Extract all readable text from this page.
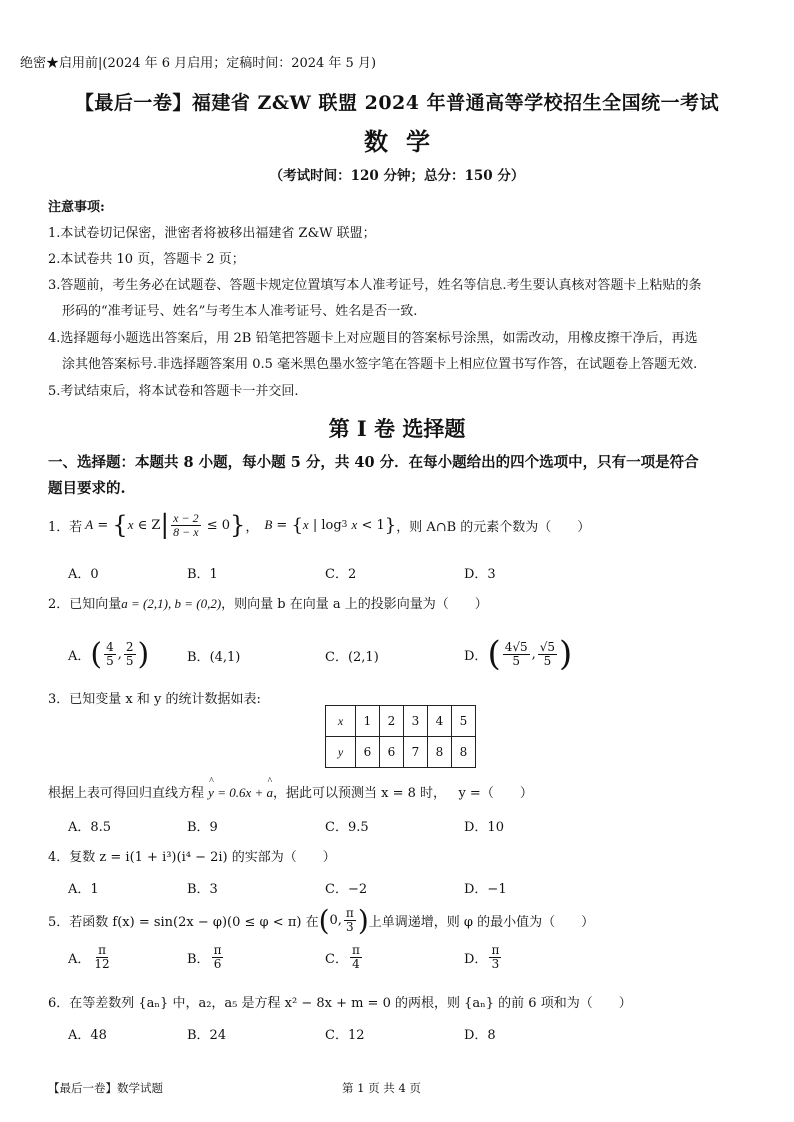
绝密★启用前|(2024 年 6 月启用；定稿时间：2024 年 5 月)
【最后一卷】福建省 Z&W 联盟 2024 年普通高等学校招生全国统一考试
数学
（考试时间：120 分钟；总分：150 分）
注意事项:
1.本试卷切记保密，泄密者将被移出福建省 Z&W 联盟；
2.本试卷共 10 页，答题卡 2 页；
3.答题前，考生务必在试题卷、答题卡规定位置填写本人准考证号，姓名等信息.考生要认真核对答题卡上粘贴的条
形码的“准考证号、姓名”与考生本人准考证号、姓名是否一致.
4.选择题每小题选出答案后，用 2B 铅笔把答题卡上对应题目的答案标号涂黑，如需改动，用橡皮擦干净后，再选
涂其他答案标号.非选择题答案用 0.5 毫米黑色墨水签字笔在答题卡上相应位置书写作答，在试题卷上答题无效.
5.考试结束后，将本试卷和答题卡一并交回.
第 I 卷 选择题
一、选择题：本题共 8 小题，每小题 5 分，共 40 分．在每小题给出的四个选项中，只有一项是符合
题目要求的.
1．若 A = { x ∈ Z | $\frac{x - 2}{8 - x} \le 0$ } ， B = { x | log 3
x < 1 } ，则 A∩B 的元素个数为（　　）
A．0	B．1	C．2	D．3
2．已知向量a = (2,1), b = (0,2)，则向量 b 在向量 a 上的投影向量为（　　）
A． ( $\frac{4}{5}$ , $\frac{2}{5}$ )	B．(4,1)	C．(2,1)	D． ( $\frac{4√5}{5}$ , $\frac{√5}{5}$ )
3．已知变量 x 和 y 的统计数据如表:
x	1	2	3	4	5
y	6	6	7	8	8
根据上表可得回归直线方程 ^ y = 0.6x + ^ a，据此可以预测当 x = 8 时， y =（　　）
A．8.5	B．9	C．9.5	D．10
4．复数 z = i(1 + i³)(i⁴ − 2i) 的实部为（　　）
A．1	B．3	C．−2	D．−1
5．若函数 f(x) = sin(2x − φ)(0 ≤ φ < π) 在 ( 0, $\frac{\pi}{3}$ ) 上单调递增，则 φ 的最小值为（　　）
A． $\frac{\pi}{12}$	B． $\frac{\pi}{6}$	C． $\frac{\pi}{4}$	D． $\frac{\pi}{3}$
6．在等差数列 {aₙ} 中，a₂，a₅ 是方程 x² − 8x + m = 0 的两根，则 {aₙ} 的前 6 项和为（　　）
A．48	B．24	C．12	D．8
【最后一卷】数学试题	第 1 页 共 4 页
